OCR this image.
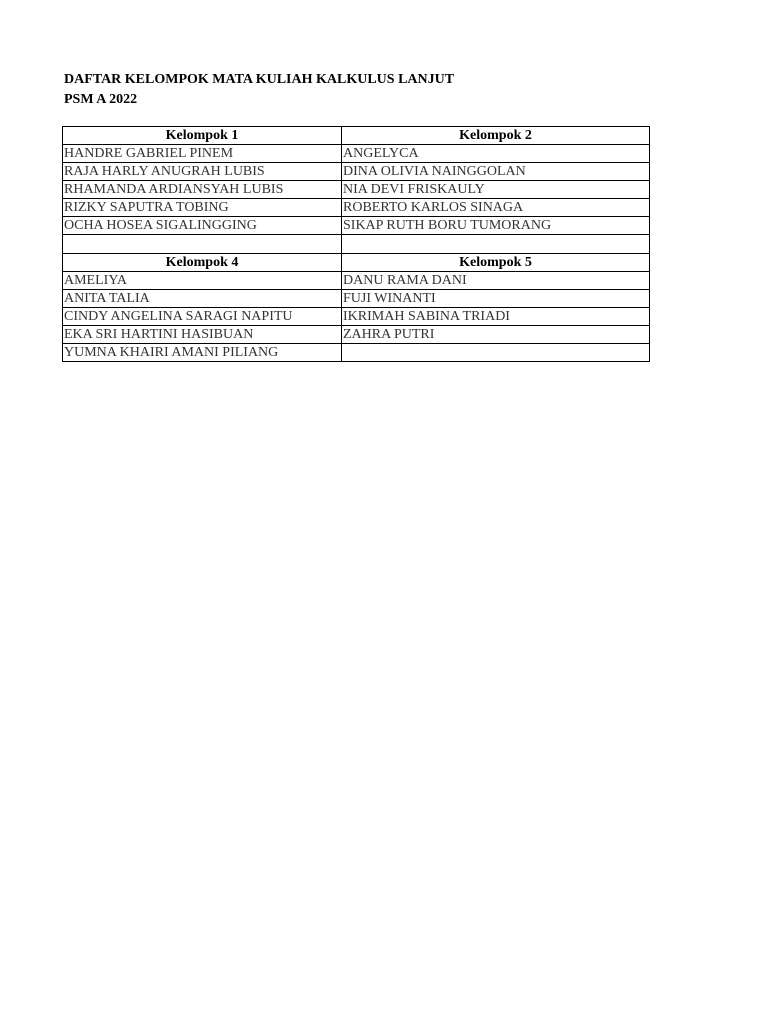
DAFTAR KELOMPOK MATA KULIAH KALKULUS LANJUT
PSM A 2022
Kelompok 1	Kelompok 2
HANDRE GABRIEL PINEM	ANGELYCA
RAJA HARLY ANUGRAH LUBIS	DINA OLIVIA NAINGGOLAN
RHAMANDA ARDIANSYAH LUBIS	NIA DEVI FRISKAULY
RIZKY SAPUTRA TOBING	ROBERTO KARLOS SINAGA
OCHA HOSEA SIGALINGGING	SIKAP RUTH BORU TUMORANG

Kelompok 4	Kelompok 5
AMELIYA	DANU RAMA DANI
ANITA TALIA	FUJI WINANTI
CINDY ANGELINA SARAGI NAPITU	IKRIMAH SABINA TRIADI
EKA SRI HARTINI HASIBUAN	ZAHRA PUTRI
YUMNA KHAIRI AMANI PILIANG	
